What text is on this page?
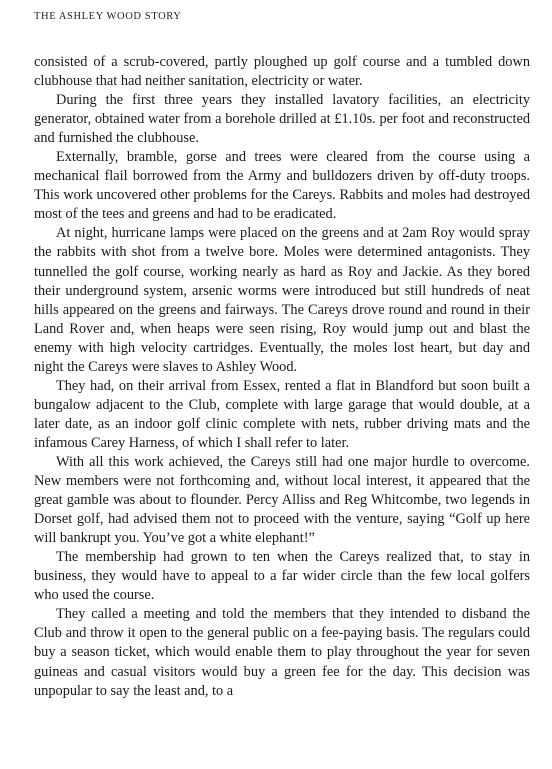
THE ASHLEY WOOD STORY

consisted of a scrub-covered, partly ploughed up golf course and a tumbled down clubhouse that had neither sanitation, electricity or water.

During the first three years they installed lavatory facilities, an electricity generator, obtained water from a borehole drilled at £1.10s. per foot and reconstructed and furnished the clubhouse.

Externally, bramble, gorse and trees were cleared from the course using a mechanical flail borrowed from the Army and bulldozers driven by off-duty troops. This work uncovered other problems for the Careys. Rabbits and moles had destroyed most of the tees and greens and had to be eradicated.

At night, hurricane lamps were placed on the greens and at 2am Roy would spray the rabbits with shot from a twelve bore. Moles were determined antagonists. They tunnelled the golf course, working nearly as hard as Roy and Jackie. As they bored their underground system, arsenic worms were introduced but still hundreds of neat hills appeared on the greens and fairways. The Careys drove round and round in their Land Rover and, when heaps were seen rising, Roy would jump out and blast the enemy with high velocity cartridges. Eventually, the moles lost heart, but day and night the Careys were slaves to Ashley Wood.

They had, on their arrival from Essex, rented a flat in Blandford but soon built a bungalow adjacent to the Club, complete with large garage that would double, at a later date, as an indoor golf clinic complete with nets, rubber driving mats and the infamous Carey Harness, of which I shall refer to later.

With all this work achieved, the Careys still had one major hurdle to overcome. New members were not forthcoming and, without local interest, it appeared that the great gamble was about to flounder. Percy Alliss and Reg Whitcombe, two legends in Dorset golf, had advised them not to proceed with the venture, saying “Golf up here will bankrupt you. You’ve got a white elephant!”

The membership had grown to ten when the Careys realized that, to stay in business, they would have to appeal to a far wider circle than the few local golfers who used the course.

They called a meeting and told the members that they intended to disband the Club and throw it open to the general public on a fee-paying basis. The regulars could buy a season ticket, which would enable them to play throughout the year for seven guineas and casual visitors would buy a green fee for the day. This decision was unpopular to say the least and, to a
